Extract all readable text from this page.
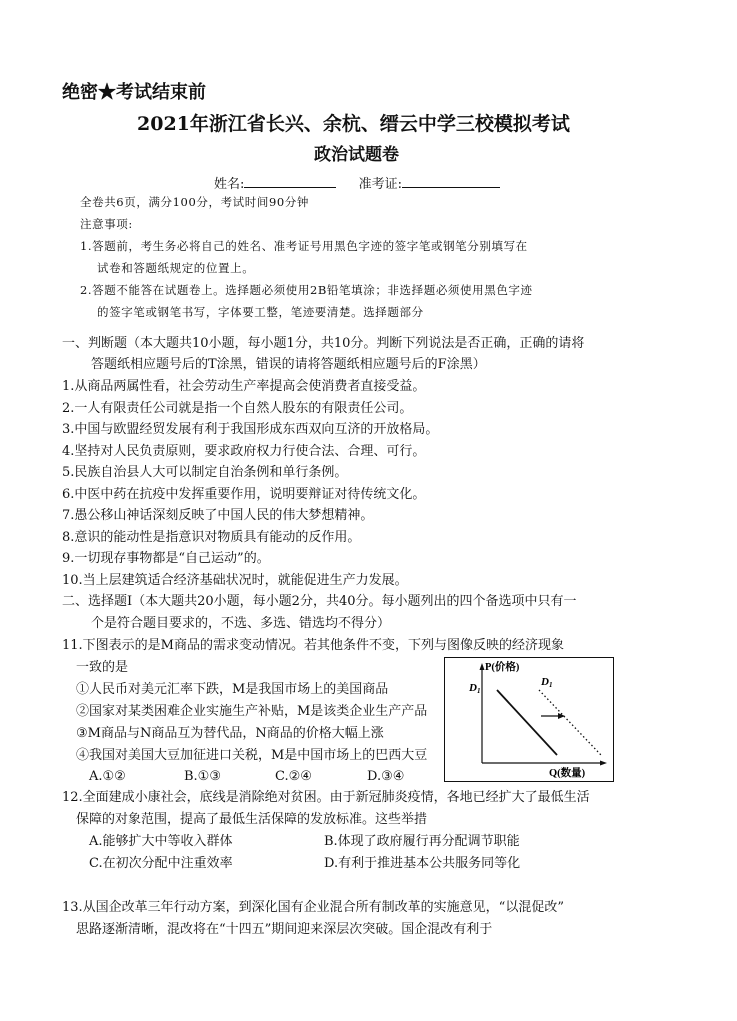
绝密★考试结束前
2021年浙江省长兴、余杭、缙云中学三校模拟考试
政治试题卷
姓名:	准考证:
全卷共6页，满分100分，考试时间90分钟
注意事项:
1.答题前，考生务必将自己的姓名、准考证号用黑色字迹的签字笔或钢笔分别填写在
试卷和答题纸规定的位置上。
2.答题不能答在试题卷上。选择题必须使用2B铅笔填涂；非选择题必须使用黑色字迹
的签字笔或钢笔书写，字体要工整，笔迹要清楚。选择题部分
一、判断题（本大题共10小题，每小题1分，共10分。判断下列说法是否正确，正确的请将
答题纸相应题号后的T涂黑，错误的请将答题纸相应题号后的F涂黑）
1.从商品两属性看，社会劳动生产率提高会使消费者直接受益。
2.一人有限责任公司就是指一个自然人股东的有限责任公司。
3.中国与欧盟经贸发展有利于我国形成东西双向互济的开放格局。
4.坚持对人民负责原则，要求政府权力行使合法、合理、可行。
5.民族自治县人大可以制定自治条例和单行条例。
6.中医中药在抗疫中发挥重要作用，说明要辩证对待传统文化。
7.愚公移山神话深刻反映了中国人民的伟大梦想精神。
8.意识的能动性是指意识对物质具有能动的反作用。
9.一切现存事物都是“自己运动”的。
10.当上层建筑适合经济基础状况时，就能促进生产力发展。
二、选择题Ⅰ（本大题共20小题，每小题2分，共40分。每小题列出的四个备选项中只有一
个是符合题目要求的，不选、多选、错选均不得分）
11.下图表示的是M商品的需求变动情况。若其他条件不变，下列与图像反映的经济现象
一致的是
①人民币对美元汇率下跌，M是我国市场上的美国商品
②国家对某类困难企业实施生产补贴，M是该类企业生产产品
③M商品与N商品互为替代品，N商品的价格大幅上涨
④我国对美国大豆加征进口关税，M是中国市场上的巴西大豆
A.①②	B.①③	C.②④	D.③④
P(价格)
Q(数量)
D1
D1
12.全面建成小康社会，底线是消除绝对贫困。由于新冠肺炎疫情，各地已经扩大了最低生活
保障的对象范围，提高了最低生活保障的发放标准。这些举措
A.能够扩大中等收入群体	B.体现了政府履行再分配调节职能
C.在初次分配中注重效率	D.有利于推进基本公共服务同等化
13.从国企改革三年行动方案，到深化国有企业混合所有制改革的实施意见，“以混促改”
思路逐渐清晰，混改将在“十四五”期间迎来深层次突破。国企混改有利于
